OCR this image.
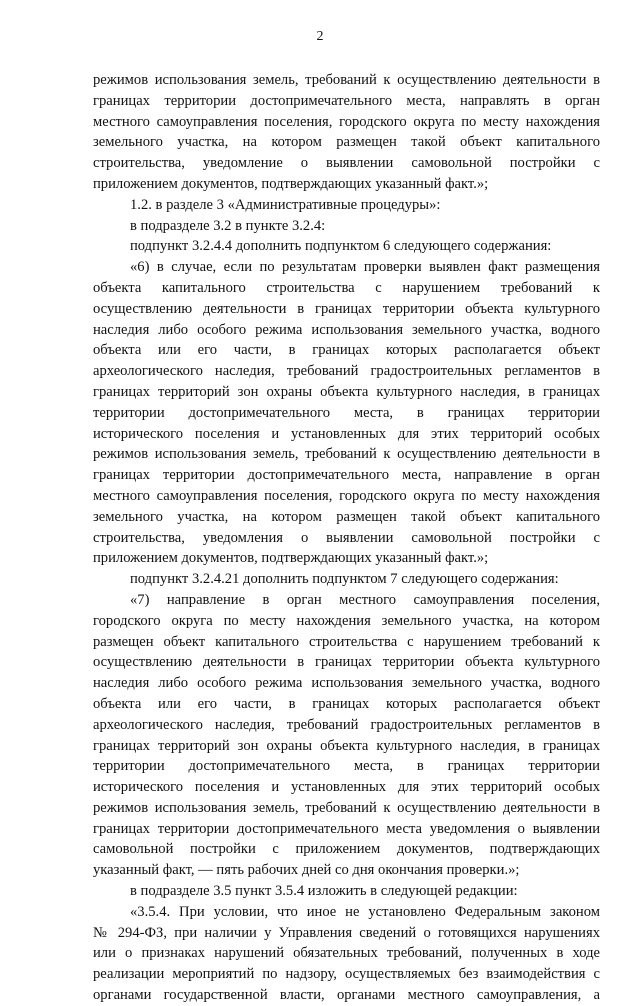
2
режимов использования земель, требований к осуществлению деятельности в
границах территории достопримечательного места, направлять в орган
местного самоуправления поселения, городского округа по месту нахождения
земельного участка, на котором размещен такой объект капитального
строительства, уведомление о выявлении самовольной постройки с
приложением документов, подтверждающих указанный факт.»;
1.2. в разделе 3 «Административные процедуры»:
в подразделе 3.2 в пункте 3.2.4:
подпункт 3.2.4.4 дополнить подпунктом 6 следующего содержания:
«6) в случае, если по результатам проверки выявлен факт размещения
объекта капитального строительства с нарушением требований к
осуществлению деятельности в границах территории объекта культурного
наследия либо особого режима использования земельного участка, водного
объекта или его части, в границах которых располагается объект
археологического наследия, требований градостроительных регламентов в
границах территорий зон охраны объекта культурного наследия, в границах
территории достопримечательного места, в границах территории
исторического поселения и установленных для этих территорий особых
режимов использования земель, требований к осуществлению деятельности в
границах территории достопримечательного места, направление в орган
местного самоуправления поселения, городского округа по месту нахождения
земельного участка, на котором размещен такой объект капитального
строительства, уведомления о выявлении самовольной постройки с
приложением документов, подтверждающих указанный факт.»;
подпункт 3.2.4.21 дополнить подпунктом 7 следующего содержания:
«7) направление в орган местного самоуправления поселения,
городского округа по месту нахождения земельного участка, на котором
размещен объект капитального строительства с нарушением требований к
осуществлению деятельности в границах территории объекта культурного
наследия либо особого режима использования земельного участка, водного
объекта или его части, в границах которых располагается объект
археологического наследия, требований градостроительных регламентов в
границах территорий зон охраны объекта культурного наследия, в границах
территории достопримечательного места, в границах территории
исторического поселения и установленных для этих территорий особых
режимов использования земель, требований к осуществлению деятельности в
границах территории достопримечательного места уведомления о выявлении
самовольной постройки с приложением документов, подтверждающих
указанный факт, — пять рабочих дней со дня окончания проверки.»;
в подразделе 3.5 пункт 3.5.4 изложить в следующей редакции:
«3.5.4. При условии, что иное не установлено Федеральным законом
№ 294-ФЗ, при наличии у Управления сведений о готовящихся нарушениях
или о признаках нарушений обязательных требований, полученных в ходе
реализации мероприятий по надзору, осуществляемых без взаимодействия с
органами государственной власти, органами местного самоуправления, а
